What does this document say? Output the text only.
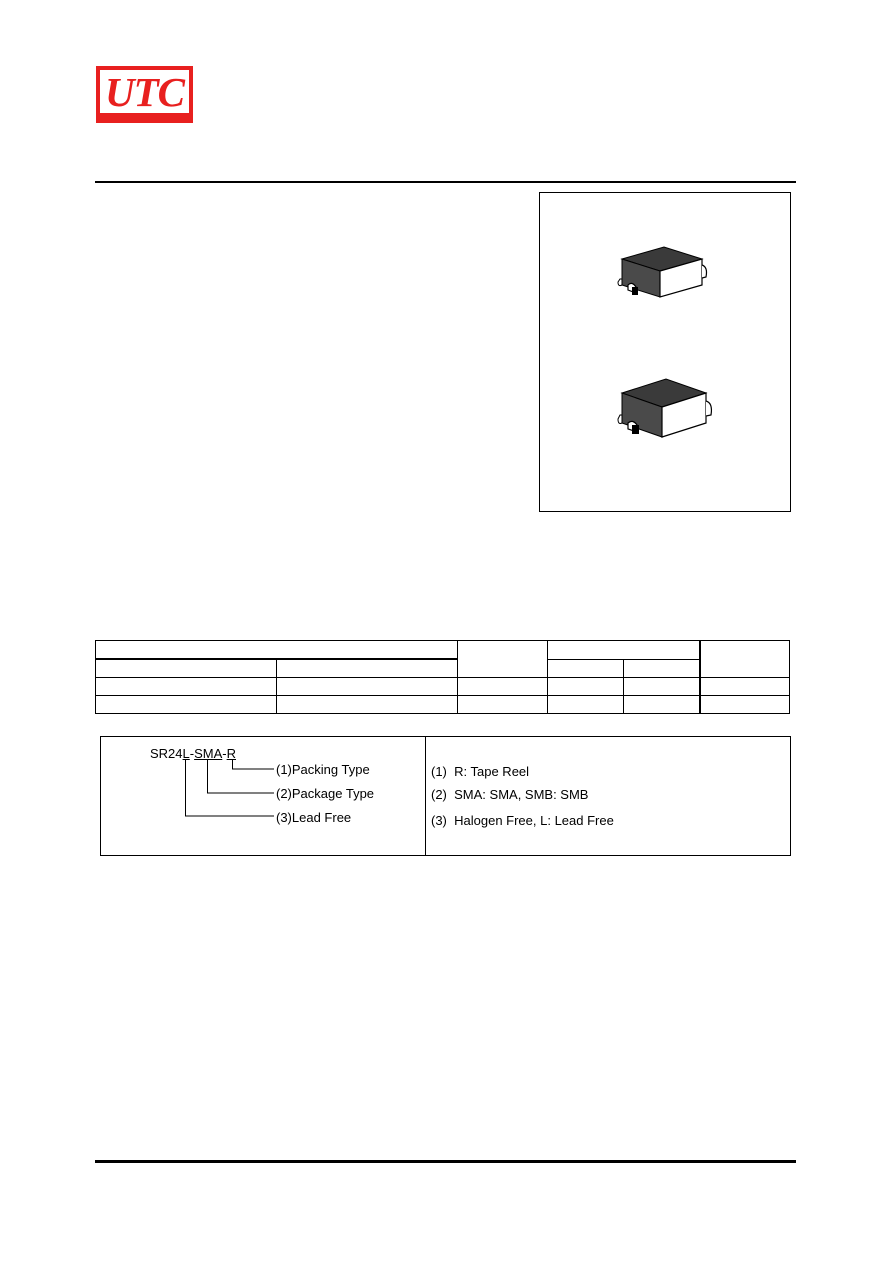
UTC

SR24L-SMA-R
(1)Packing Type
(2)Package Type
(3)Lead Free
(1) R: Tape Reel
(2) SMA: SMA, SMB: SMB
(3) Halogen Free, L: Lead Free
